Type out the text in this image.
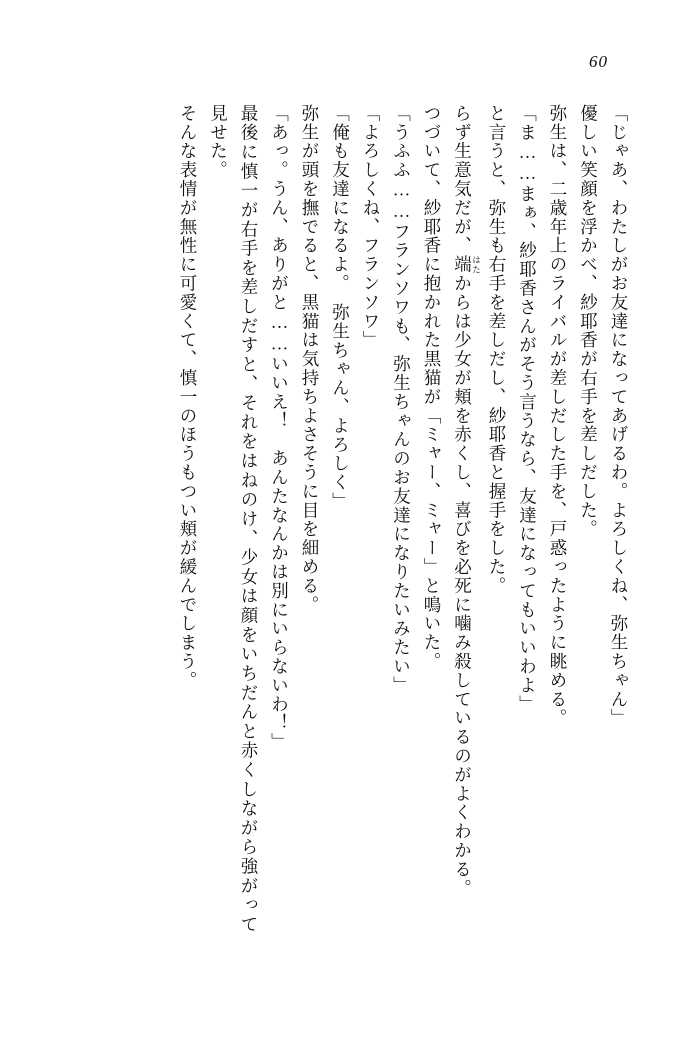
60

「じゃあ、わたしがお友達になってあげるわ。よろしくね、弥生ちゃん」

優しい笑顔を浮かべ、紗耶香が右手を差しだした。

弥生は、二歳年上のライバルが差しだした手を、戸惑ったように眺める。

「ま……まぁ、紗耶香さんがそう言うなら、友達になってもいいわよ」

と言うと、弥生も右手を差しだし、紗耶香と握手をした。

らず生意気だが、端 はたからは少女が頬を赤くし、喜びを必死に噛み殺しているのがよくわかる。

つづいて、紗耶香に抱かれた黒猫が「ミャー、ミャー」と鳴いた。

「うふふ……フランソワも、弥生ちゃんのお友達になりたいみたい」

「よろしくね、フランソワ」

「俺も友達になるよ。　弥生ちゃん、よろしく」

弥生が頭を撫でると、黒猫は気持ちよさそうに目を細める。

「あっ。うん、ありがと……いいえ！　あんたなんかは別にいらないわ！」

最後に慎一が右手を差しだすと、それをはねのけ、少女は顔をいちだんと赤くしながら強がって見せた。

そんな表情が無性に可愛くて、慎一のほうもつい頬が緩んでしまう。
